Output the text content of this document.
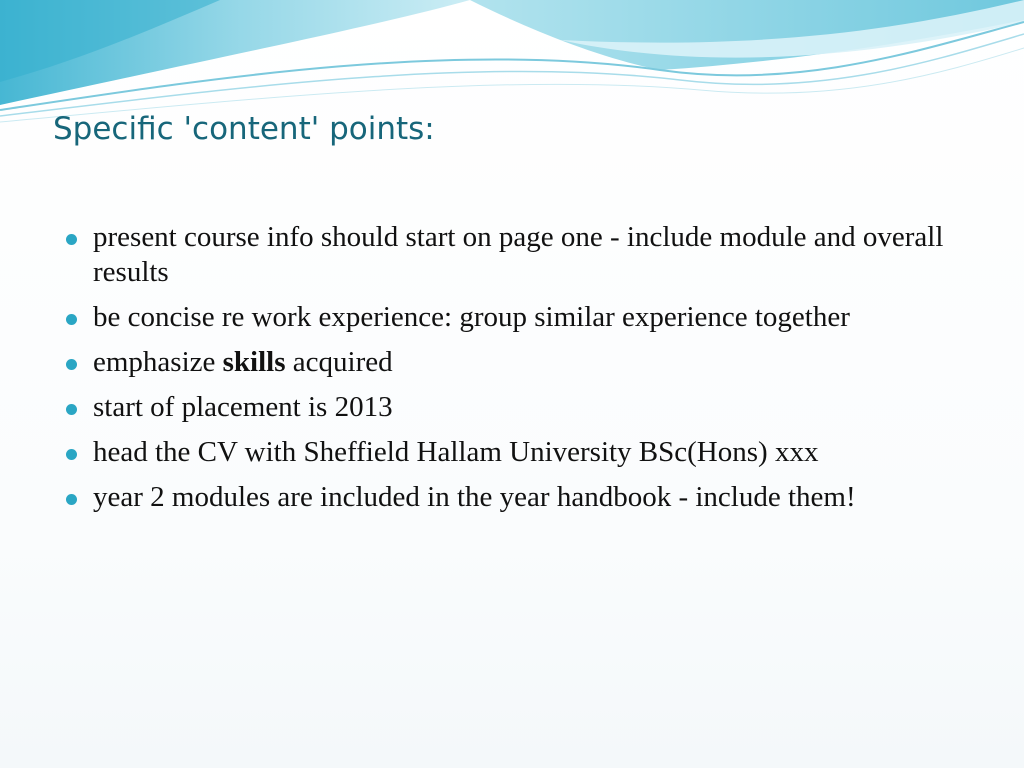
Specific 'content' points:
present course info should start on page one - include module and overall results
be concise re work experience: group similar experience together
emphasize skills acquired
start of placement is 2013
head the CV with Sheffield Hallam University BSc(Hons) xxx
year 2 modules are included in the year handbook - include them!
